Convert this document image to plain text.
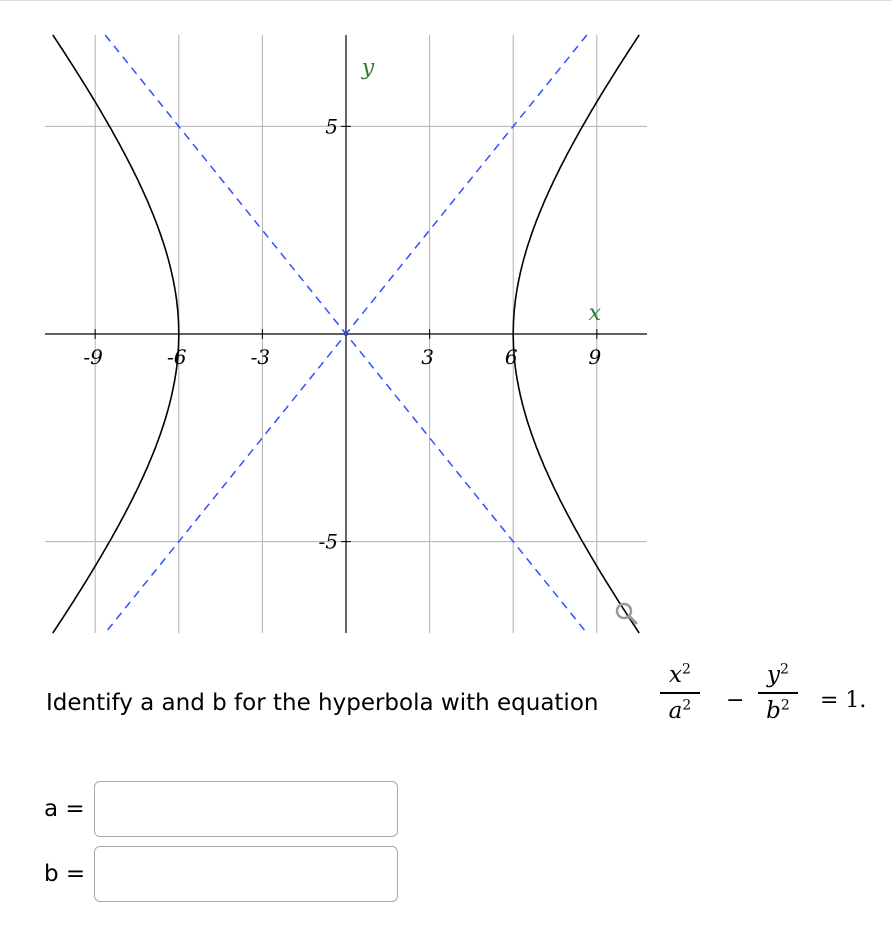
-9	-6	-3	3	6	9
5
-5
x
y
Identify a and b for the hyperbola with equation
$x^2$
$a^2$	−
$y^2$
$b^2$	= 1.
a =
b =
